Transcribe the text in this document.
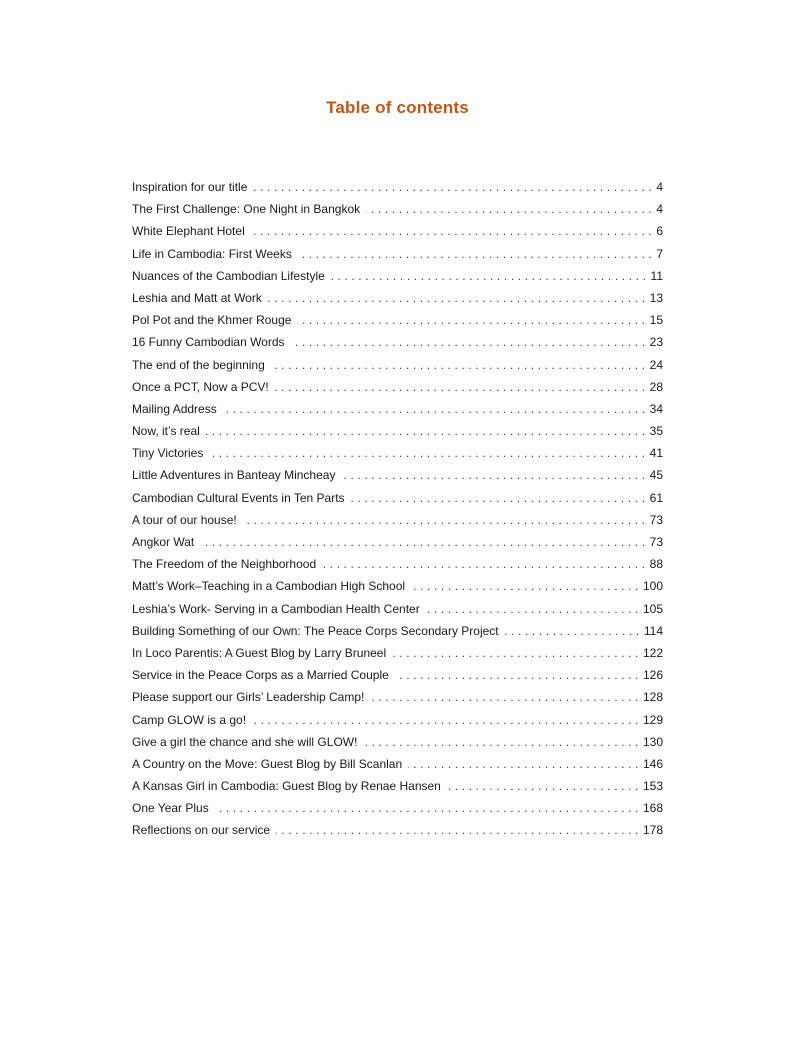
Table of contents
Inspiration for our title .....	4
The First Challenge: One Night in Bangkok .....	4
White Elephant Hotel .....	6
Life in Cambodia: First Weeks .....	7
Nuances of the Cambodian Lifestyle .....	11
Leshia and Matt at Work .....	13
Pol Pot and the Khmer Rouge .....	15
16 Funny Cambodian Words .....	23
The end of the beginning .....	24
Once a PCT, Now a PCV! .....	28
Mailing Address .....	34
Now, it’s real .....	35
Tiny Victories .....	41
Little Adventures in Banteay Mincheay .....	45
Cambodian Cultural Events in Ten Parts .....	61
A tour of our house! .....	73
Angkor Wat .....	73
The Freedom of the Neighborhood .....	88
Matt’s Work–Teaching in a Cambodian High School .....	100
Leshia’s Work- Serving in a Cambodian Health Center .....	105
Building Something of our Own: The Peace Corps Secondary Project .....	114
In Loco Parentis: A Guest Blog by Larry Bruneel .....	122
Service in the Peace Corps as a Married Couple .....	126
Please support our Girls’ Leadership Camp! .....	128
Camp GLOW is a go! .....	129
Give a girl the chance and she will GLOW! .....	130
A Country on the Move: Guest Blog by Bill Scanlan .....	146
A Kansas Girl in Cambodia: Guest Blog by Renae Hansen .....	153
One Year Plus .....	168
Reflections on our service .....	178
